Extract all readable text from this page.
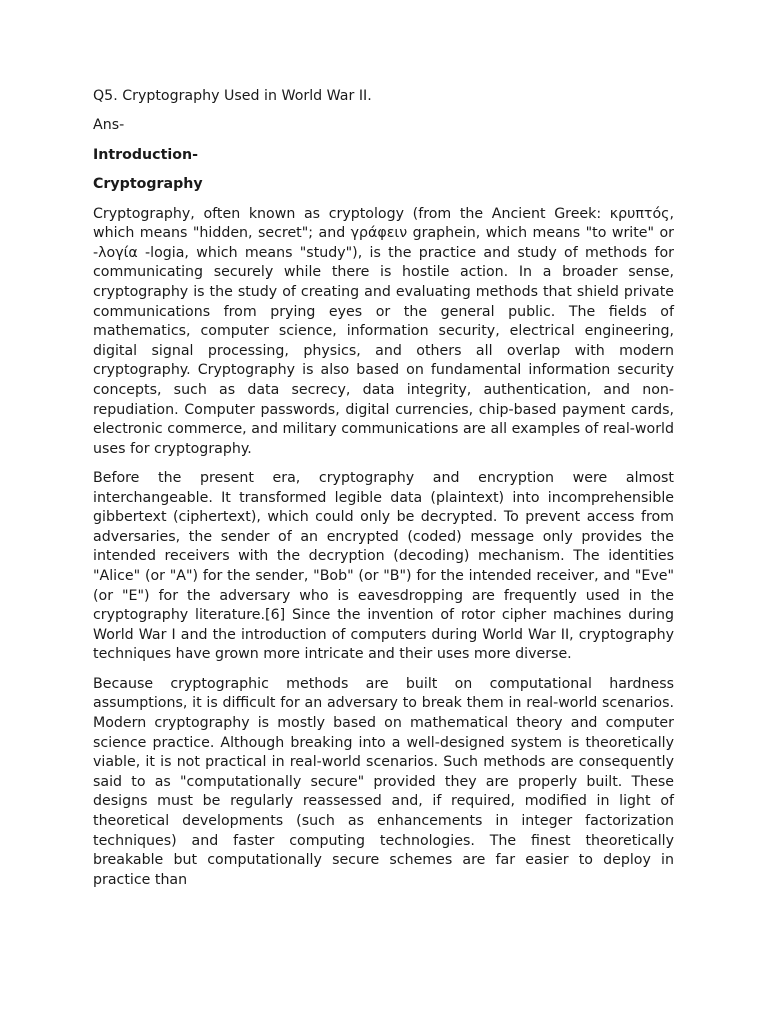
Q5. Cryptography Used in World War II.

Ans-

Introduction-

Cryptography

Cryptography, often known as cryptology (from the Ancient Greek: κρυπτός, which means "hidden, secret"; and γράφειν graphein, which means "to write" or -λογία -logia, which means "study"), is the practice and study of methods for communicating securely while there is hostile action. In a broader sense, cryptography is the study of creating and evaluating methods that shield private communications from prying eyes or the general public. The fields of mathematics, computer science, information security, electrical engineering, digital signal processing, physics, and others all overlap with modern cryptography. Cryptography is also based on fundamental information security concepts, such as data secrecy, data integrity, authentication, and non-repudiation. Computer passwords, digital currencies, chip-based payment cards, electronic commerce, and military communications are all examples of real-world uses for cryptography.

Before the present era, cryptography and encryption were almost interchangeable. It transformed legible data (plaintext) into incomprehensible gibbertext (ciphertext), which could only be decrypted. To prevent access from adversaries, the sender of an encrypted (coded) message only provides the intended receivers with the decryption (decoding) mechanism. The identities "Alice" (or "A") for the sender, "Bob" (or "B") for the intended receiver, and "Eve" (or "E") for the adversary who is eavesdropping are frequently used in the cryptography literature.[6] Since the invention of rotor cipher machines during World War I and the introduction of computers during World War II, cryptography techniques have grown more intricate and their uses more diverse.

Because cryptographic methods are built on computational hardness assumptions, it is difficult for an adversary to break them in real-world scenarios. Modern cryptography is mostly based on mathematical theory and computer science practice. Although breaking into a well-designed system is theoretically viable, it is not practical in real-world scenarios. Such methods are consequently said to as "computationally secure" provided they are properly built. These designs must be regularly reassessed and, if required, modified in light of theoretical developments (such as enhancements in integer factorization techniques) and faster computing technologies. The finest theoretically breakable but computationally secure schemes are far easier to deploy in practice than
